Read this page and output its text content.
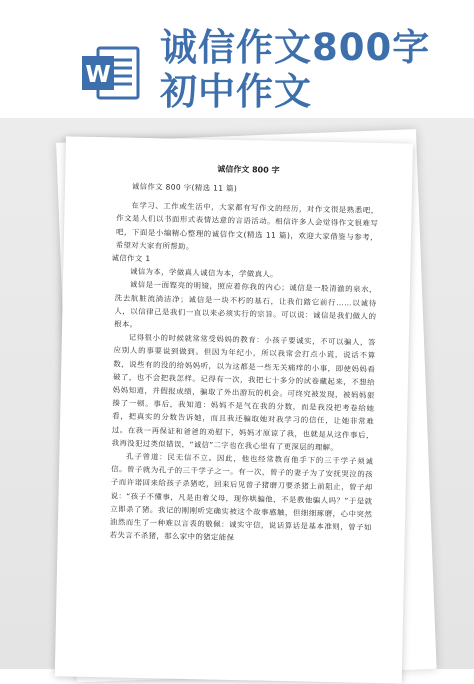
W
诚信作文800字
初中作文
诚信作文 800 字

诚信作文 800 字(精选 11 篇)

在学习、工作或生活中，大家都有写作文的经历，对作文很是熟悉吧，作文是人们以书面形式表情达意的言语活动。相信许多人会觉得作文很难写吧，下面是小编精心整理的诚信作文(精选 11 篇)，欢迎大家借鉴与参考，希望对大家有所帮助。

诚信作文 1

诚信为本，学做真人诚信为本，学做真人。

诚信是一面铿亮的明镜，照应着你我的内心；诚信是一股清澈的泉水，洗去肮脏流淌洁净；诚信是一块不朽的基石，让我们踏它前行……以诚待人，以信律己是我们一直以来必须实行的宗旨。可以说：诚信是我们做人的根本。

记得很小的时候就常常受妈妈的教育：小孩子要诚实，不可以骗人，答应别人的事要说到做到。但因为年纪小，所以我常会打点小谎，说话不算数，说些有的没的给妈妈听，以为这都是一些无关痛痒的小事，即使妈妈看破了，也不会把我怎样。记得有一次，我把七十多分的试卷藏起来，不想给妈妈知道，并假报成绩，骗取了外出游玩的机会。可终究被发现，被妈妈狠揍了一顿。事后，我知道：妈妈不是气在我的分数，而是我没把考卷给她看，把真实的分数告诉她，而且我还骗取她对我学习的信任，让她非常难过。在我一再保证和爸爸的劝慰下，妈妈才原谅了我，也就是从这件事后，我再没犯过类似错误，“诚信”二字也在我心里有了更深层的理解。

孔子曾道：民无信不立。因此，他也经常教育他手下的三千学子须诚信。曾子就为孔子的三千学子之一。有一次，曾子的妻子为了安抚哭泣的孩子而许诺回来给孩子杀猪吃，回来后见曾子猪磨刀要杀猪上前阻止，曾子却说：“孩子不懂事，凡是由着父母，现你哄骗他，不是教他骗人吗？”于是就立即杀了猪。我记的刚刚听完确实被这个故事感触，但细细琢磨，心中突然油然而生了一种难以言表的敬佩：诚实守信，说话算话是基本准则，曾子如若失言不杀猪，那么家中的猪定能保
